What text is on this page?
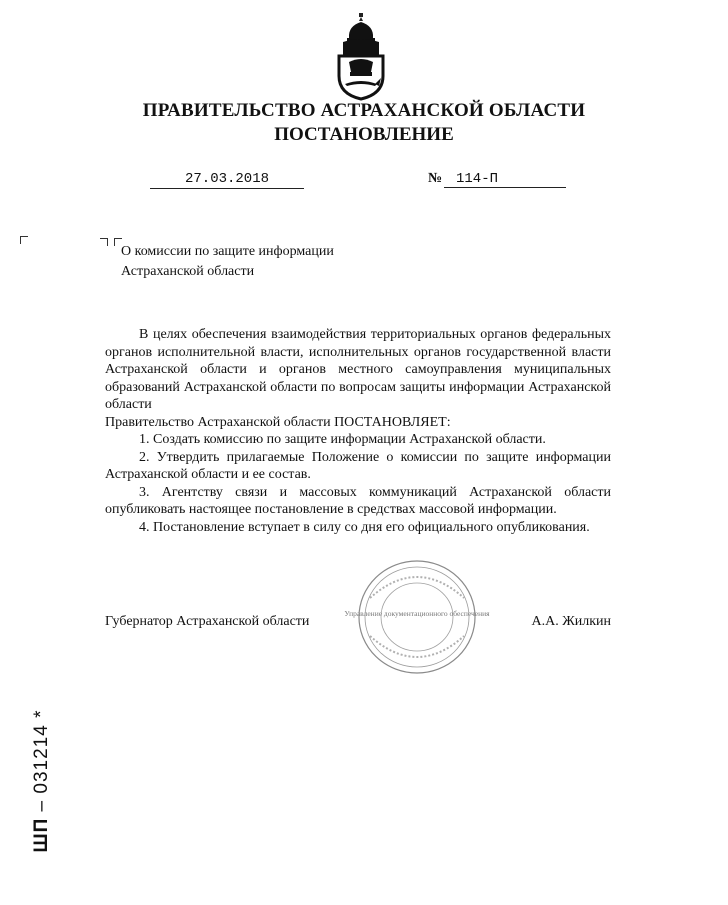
ПРАВИТЕЛЬСТВО АСТРАХАНСКОЙ ОБЛАСТИ
ПОСТАНОВЛЕНИЕ
27.03.2018	№ 114-П
О комиссии по защите информации
Астраханской области

В целях обеспечения взаимодействия территориальных органов федеральных органов исполнительной власти, исполнительных органов государственной власти Астраханской области и органов местного самоуправления муниципальных образований Астраханской области по вопросам защиты информации Астраханской области

Правительство Астраханской области ПОСТАНОВЛЯЕТ:

1. Создать комиссию по защите информации Астраханской области.

2. Утвердить прилагаемые Положение о комиссии по защите информации Астраханской области и ее состав.

3. Агентству связи и массовых коммуникаций Астраханской области опубликовать настоящее постановление в средствах массовой информации.

4. Постановление вступает в силу со дня его официального опубликования.

Управление документационного обеспечения
Губернатор Астраханской области	А.А. Жилкин
ШП – 031214 *
